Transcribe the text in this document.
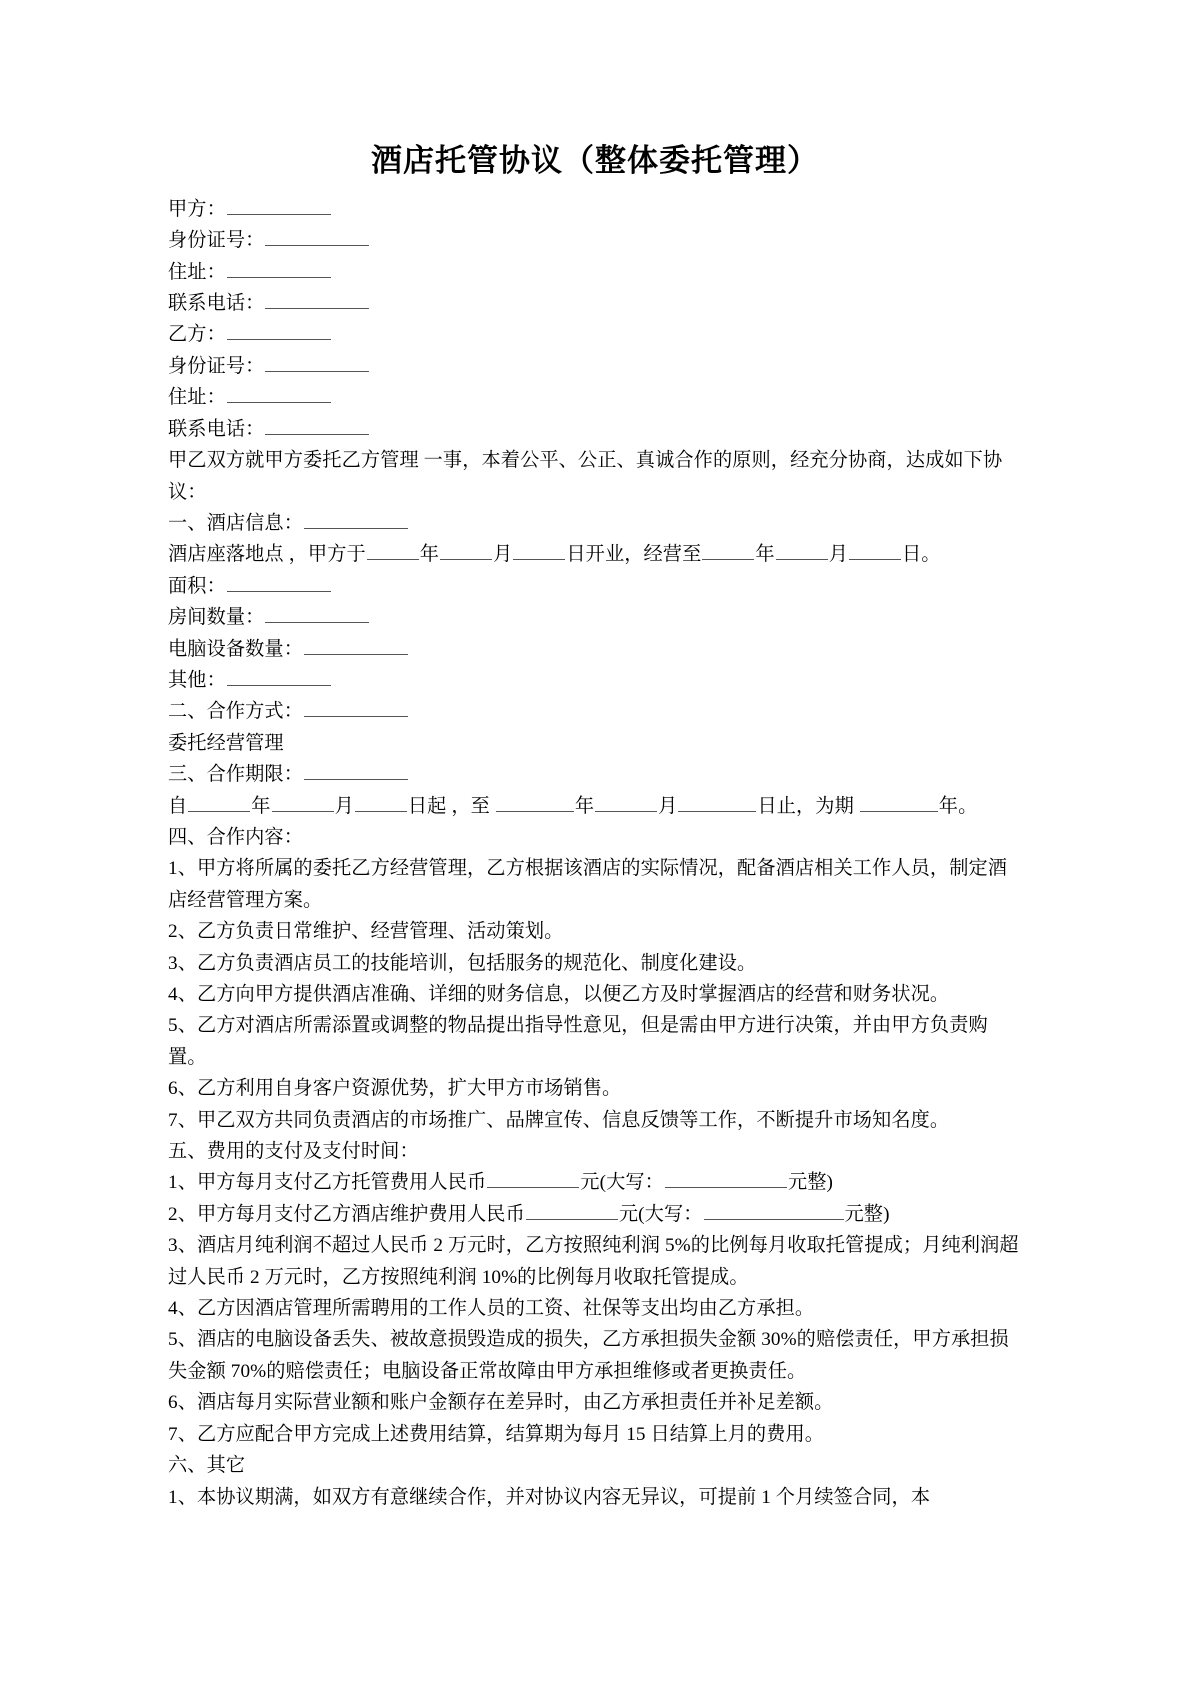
酒店托管协议（整体委托管理）

甲方：

身份证号：

住址：

联系电话：

乙方：

身份证号：

住址：

联系电话：

甲乙双方就甲方委托乙方管理 一事，本着公平、公正、真诚合作的原则，经充分协商，达成如下协议：

一、酒店信息：

酒店座落地点 ，甲方于	年	月	日开业，经营至	年	月	日。

面积：

房间数量：

电脑设备数量：

其他：

二、合作方式：

委托经营管理

三、合作期限：

自	年	月	日起 ，至	年	月	日止，为期	年。

四、合作内容：

1、甲方将所属的委托乙方经营管理，乙方根据该酒店的实际情况，配备酒店相关工作人员，制定酒店经营管理方案。

2、乙方负责日常维护、经营管理、活动策划。

3、乙方负责酒店员工的技能培训，包括服务的规范化、制度化建设。

4、乙方向甲方提供酒店准确、详细的财务信息，以便乙方及时掌握酒店的经营和财务状况。

5、乙方对酒店所需添置或调整的物品提出指导性意见，但是需由甲方进行决策，并由甲方负责购置。

6、乙方利用自身客户资源优势，扩大甲方市场销售。

7、甲乙双方共同负责酒店的市场推广、品牌宣传、信息反馈等工作，不断提升市场知名度。

五、费用的支付及支付时间：

1、甲方每月支付乙方托管费用人民币	元(大写：	元整)

2、甲方每月支付乙方酒店维护费用人民币	元(大写：	元整)

3、酒店月纯利润不超过人民币 2 万元时，乙方按照纯利润 5%的比例每月收取托管提成；月纯利润超过人民币 2 万元时，乙方按照纯利润 10%的比例每月收取托管提成。

4、乙方因酒店管理所需聘用的工作人员的工资、社保等支出均由乙方承担。

5、酒店的电脑设备丢失、被故意损毁造成的损失，乙方承担损失金额 30%的赔偿责任，甲方承担损失金额 70%的赔偿责任；电脑设备正常故障由甲方承担维修或者更换责任。

6、酒店每月实际营业额和账户金额存在差异时，由乙方承担责任并补足差额。

7、乙方应配合甲方完成上述费用结算，结算期为每月 15 日结算上月的费用。

六、其它

1、本协议期满，如双方有意继续合作，并对协议内容无异议，可提前 1 个月续签合同，本
